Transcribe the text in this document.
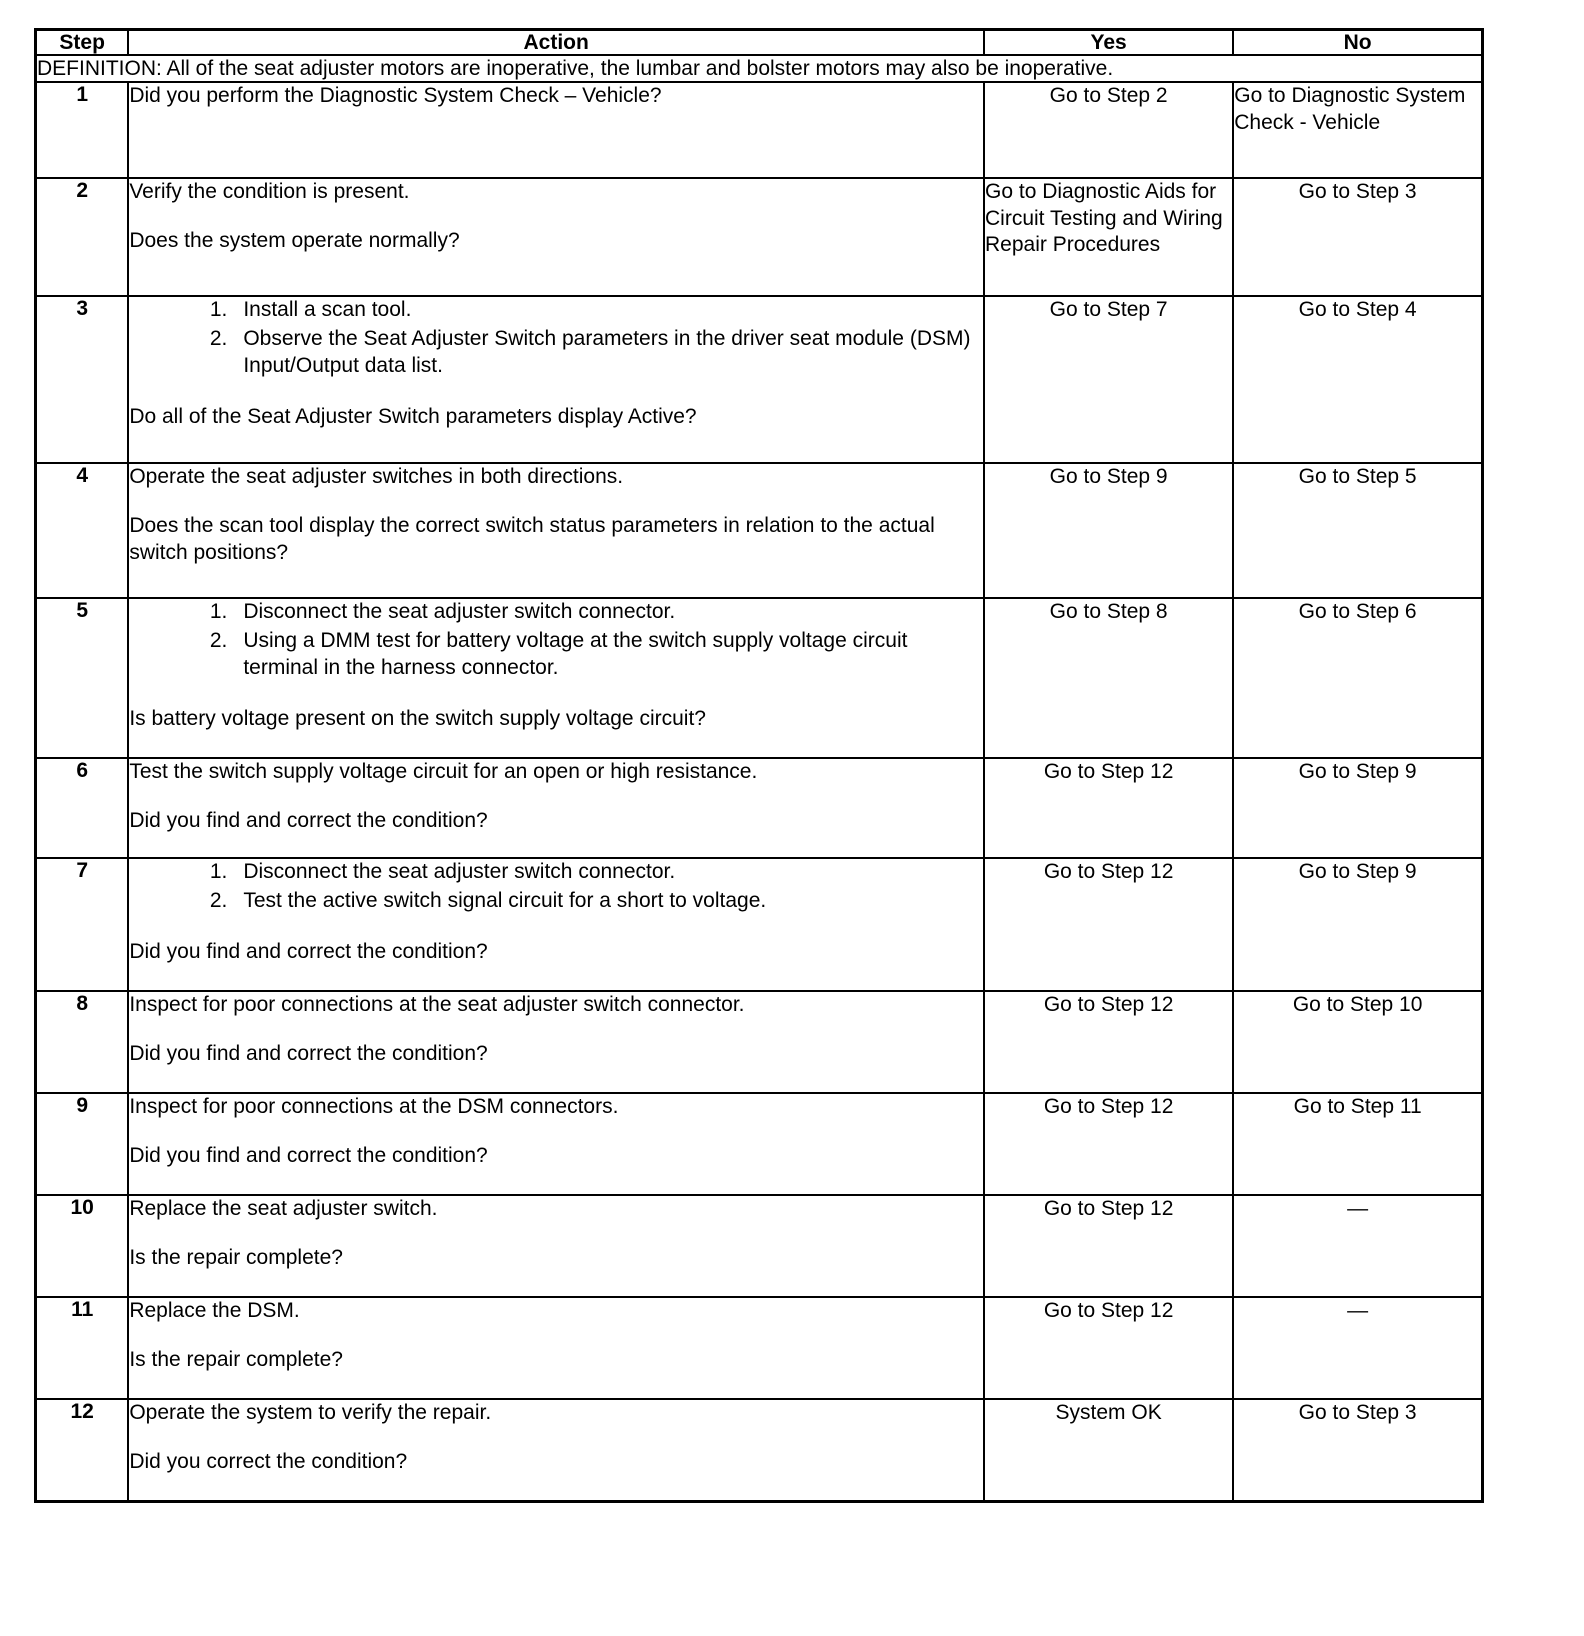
Step	Action	Yes	No
DEFINITION: All of the seat adjuster motors are inoperative, the lumbar and bolster motors may also be inoperative.			
1	Did you perform the Diagnostic System Check – Vehicle?	Go to Step 2	Go to Diagnostic System Check - Vehicle
2	Verify the condition is present.
Does the system operate normally?	Go to Diagnostic Aids for Circuit Testing and Wiring Repair Procedures	Go to Step 3
3	1. Install a scan tool.
2. Observe the Seat Adjuster Switch parameters in the driver seat module (DSM) Input/Output data list.
Do all of the Seat Adjuster Switch parameters display Active?
	Go to Step 7	Go to Step 4
4	Operate the seat adjuster switches in both directions.
Does the scan tool display the correct switch status parameters in relation to the actual switch positions?	Go to Step 9	Go to Step 5
5	1. Disconnect the seat adjuster switch connector.
2. Using a DMM test for battery voltage at the switch supply voltage circuit terminal in the harness connector.
Is battery voltage present on the switch supply voltage circuit?
	Go to Step 8	Go to Step 6
6	Test the switch supply voltage circuit for an open or high resistance.
Did you find and correct the condition?	Go to Step 12	Go to Step 9
7	1. Disconnect the seat adjuster switch connector.
2. Test the active switch signal circuit for a short to voltage.
Did you find and correct the condition?
	Go to Step 12	Go to Step 9
8	Inspect for poor connections at the seat adjuster switch connector.
Did you find and correct the condition?	Go to Step 12	Go to Step 10
9	Inspect for poor connections at the DSM connectors.
Did you find and correct the condition?	Go to Step 12	Go to Step 11
10	Replace the seat adjuster switch.
Is the repair complete?	Go to Step 12	—
11	Replace the DSM.
Is the repair complete?	Go to Step 12	—
12	Operate the system to verify the repair.
Did you correct the condition?	System OK	Go to Step 3
